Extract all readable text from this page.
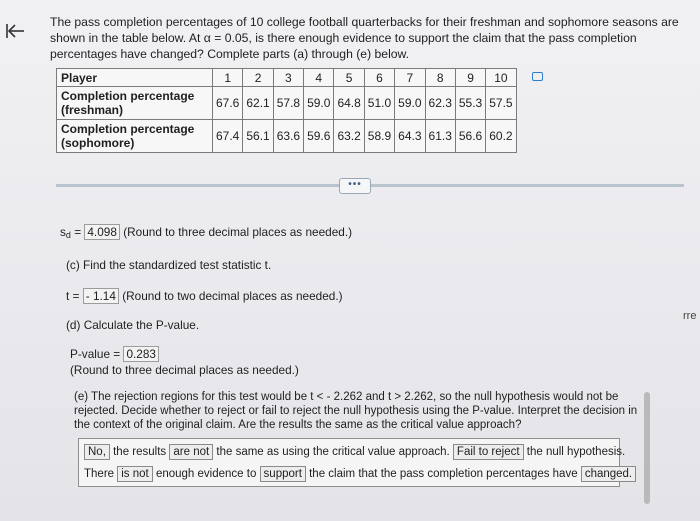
The pass completion percentages of 10 college football quarterbacks for their freshman and sophomore seasons are shown in the table below. At α = 0.05, is there enough evidence to support the claim that the pass completion percentages have changed? Complete parts (a) through (e) below.
Player	1	2	3	4	5	6	7	8	9	10
Completion percentage (freshman)	67.6	62.1	57.8	59.0	64.8	51.0	59.0	62.3	55.3	57.5
Completion percentage (sophomore)	67.4	56.1	63.6	59.6	63.2	58.9	64.3	61.3	56.6	60.2
•••
$s_d = 4.098$ (Round to three decimal places as needed.)
(c) Find the standardized test statistic t.
t = - 1.14 (Round to two decimal places as needed.)
(d) Calculate the P-value.
P-value = 0.283
(Round to three decimal places as needed.)
(e) The rejection regions for this test would be t < - 2.262 and t > 2.262, so the null hypothesis would not be rejected. Decide whether to reject or fail to reject the null hypothesis using the P-value. Interpret the decision in the context of the original claim. Are the results the same as the critical value approach?
No, the results are not the same as using the critical value approach. Fail to reject the null hypothesis.
There is not enough evidence to support the claim that the pass completion percentages have changed.
rre
